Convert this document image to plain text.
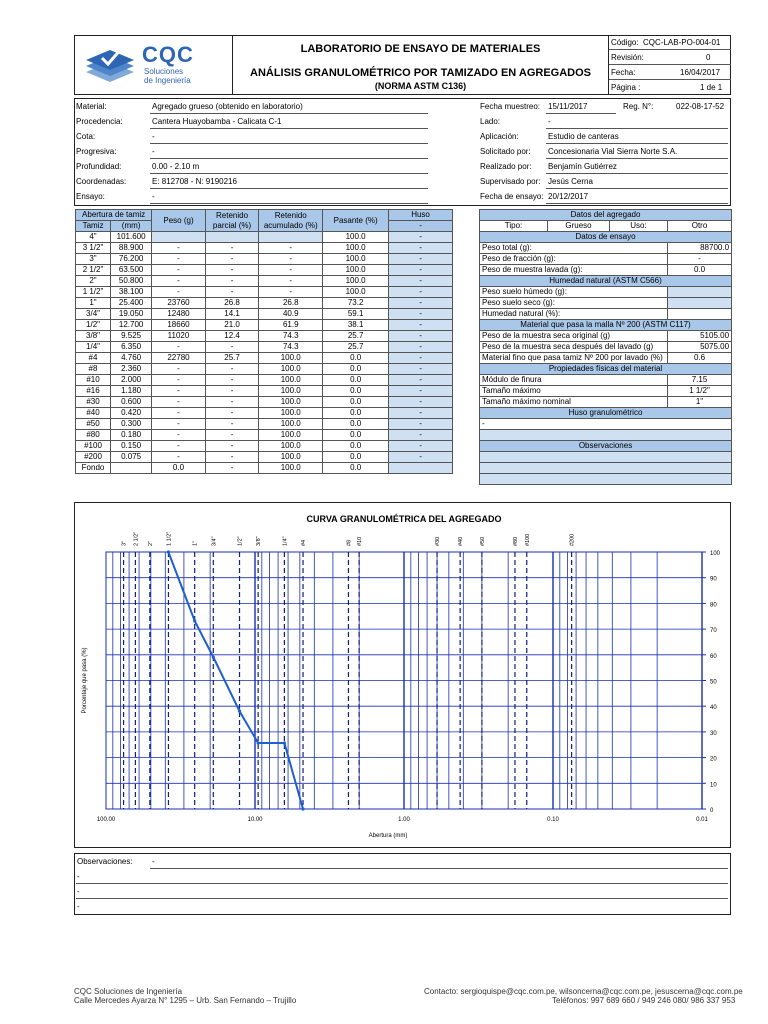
CQC
Soluciones
de Ingeniería
LABORATORIO DE ENSAYO DE MATERIALES
ANÁLISIS GRANULOMÉTRICO POR TAMIZADO EN AGREGADOS
(NORMA ASTM C136)
Código: CQC-LAB-PO-004-01
Revisión:	0
Fecha:	16/04/2017
Página :	1 de 1
Reg. N°:	022-08-17-52
Abertura de tamiz		Peso (g)	Retenido parcial (%)	Retenido acumulado (%)	Pasante (%)	Huso
Tamiz	(mm)					-
4"	101.600				100.0	-
3 1/2"	88.900	-	-	-	100.0	-
3"	76.200	-	-	-	100.0	-
2 1/2"	63.500	-	-	-	100.0	-
2"	50.800	-	-	-	100.0	-
1 1/2"	38.100	-	-	-	100.0	-
1"	25.400	23760	26.8	26.8	73.2	-
3/4"	19.050	12480	14.1	40.9	59.1	-
1/2"	12.700	18660	21.0	61.9	38.1	-
3/8"	9.525	11020	12.4	74.3	25.7	-
1/4"	6.350	-	-	74.3	25.7	-
#4	4.760	22780	25.7	100.0	0.0	-
#8	2.360	-	-	100.0	0.0	-
#10	2.000	-	-	100.0	0.0	-
#16	1.180	-	-	100.0	0.0	-
#30	0.600	-	-	100.0	0.0	-
#40	0.420	-	-	100.0	0.0	-
#50	0.300	-	-	100.0	0.0	-
#80	0.180	-	-	100.0	0.0	-
#100	0.150	-	-	100.0	0.0	-
#200	0.075	-	-	100.0	0.0	-
Fondo		0.0	-	100.0	0.0	
Datos del agregado			
Tipo:	Grueso	Uso:	Otro
Datos de ensayo			
Peso total (g):			88700.0
Peso de fracción (g):			-
Peso de muestra lavada (g):			0.0
Humedad natural (ASTM C566)			
Peso suelo húmedo (g):			
Peso suelo seco (g):			
Humedad natural (%):			
Material que pasa la malla Nº 200 (ASTM C117)			
Peso de la muestra seca original (g)			5105.00
Peso de la muestra seca después del lavado (g)			5075.00
Material fino que pasa tamiz Nº 200 por lavado (%)			0.6
Propiedades físicas del material			
Módulo de finura			7.15
Tamaño máximo			1 1/2"
Tamaño máximo nominal			1"
Huso granulométrico			
-			

Observaciones			

CURVA GRANULOMÉTRICA DEL AGREGADO
0
10
20
30
40
50
60
70
80
90
100
3" 2 1/2" 2" 1 1/2"	1" 3/4"	1/2" 3/8"	1/4" #4	#8 #10	#30	#40	#50	#80 #100	#200
100.00	10.00	1.00	0.10	0.01
Abertura (mm)
Porcentaje que pasa (%)
Observaciones: -
-
-
-
CQC Soluciones de Ingeniería
Calle Mercedes Ayarza N° 1295 – Urb. San Fernando – Trujillo
Contacto: sergioquispe@cqc.com.pe, wilsoncerna@cqc.com.pe, jesuscerna@cqc.com.pe
Teléfonos: 997 689 660 / 949 246 080/ 986 337 953
Material:	Agregado grueso (obtenido en laboratorio)
Procedencia:	Cantera Huayobamba - Calicata C-1
Cota:	-
Progresiva:	-
Profundidad:	0.00 - 2.10 m
Coordenadas:	E: 812708 - N: 9190216
Ensayo:	-
Fecha muestreo: 15/11/2017
Lado:	-
Aplicación:	Estudio de canteras
Solicitado por: Concesionaria Vial Sierra Norte S.A.
Realizado por: Benjamín Gutiérrez
Supervisado por: Jesús Cerna
Fecha de ensayo: 20/12/2017
